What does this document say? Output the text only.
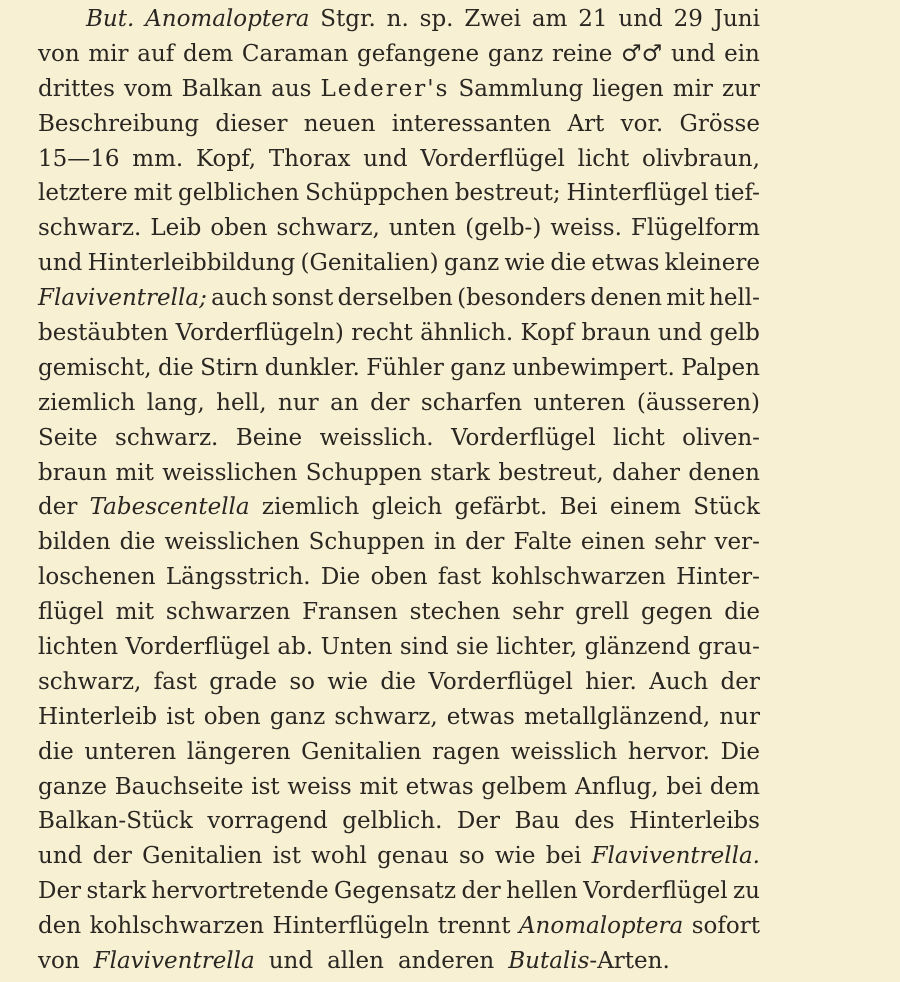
But. Anomaloptera Stgr. n. sp. Zwei am 21 und 29 Juni
von mir auf dem Caraman gefangene ganz reine ♂♂ und ein
drittes vom Balkan aus Lederer's Sammlung liegen mir zur
Beschreibung dieser neuen interessanten Art vor. Grösse
15—16 mm. Kopf, Thorax und Vorderflügel licht olivbraun,
letztere mit gelblichen Schüppchen bestreut; Hinterflügel tief-
schwarz. Leib oben schwarz, unten (gelb-) weiss. Flügelform
und Hinterleibbildung (Genitalien) ganz wie die etwas kleinere
Flaviventrella; auch sonst derselben (besonders denen mit hell-
bestäubten Vorderflügeln) recht ähnlich. Kopf braun und gelb
gemischt, die Stirn dunkler. Fühler ganz unbewimpert. Palpen
ziemlich lang, hell, nur an der scharfen unteren (äusseren)
Seite schwarz. Beine weisslich. Vorderflügel licht oliven-
braun mit weisslichen Schuppen stark bestreut, daher denen
der Tabescentella ziemlich gleich gefärbt. Bei einem Stück
bilden die weisslichen Schuppen in der Falte einen sehr ver-
loschenen Längsstrich. Die oben fast kohlschwarzen Hinter-
flügel mit schwarzen Fransen stechen sehr grell gegen die
lichten Vorderflügel ab. Unten sind sie lichter, glänzend grau-
schwarz, fast grade so wie die Vorderflügel hier. Auch der
Hinterleib ist oben ganz schwarz, etwas metallglänzend, nur
die unteren längeren Genitalien ragen weisslich hervor. Die
ganze Bauchseite ist weiss mit etwas gelbem Anflug, bei dem
Balkan-Stück vorragend gelblich. Der Bau des Hinterleibs
und der Genitalien ist wohl genau so wie bei Flaviventrella.
Der stark hervortretende Gegensatz der hellen Vorderflügel zu
den kohlschwarzen Hinterflügeln trennt Anomaloptera sofort
von Flaviventrella und allen anderen Butalis -Arten.
